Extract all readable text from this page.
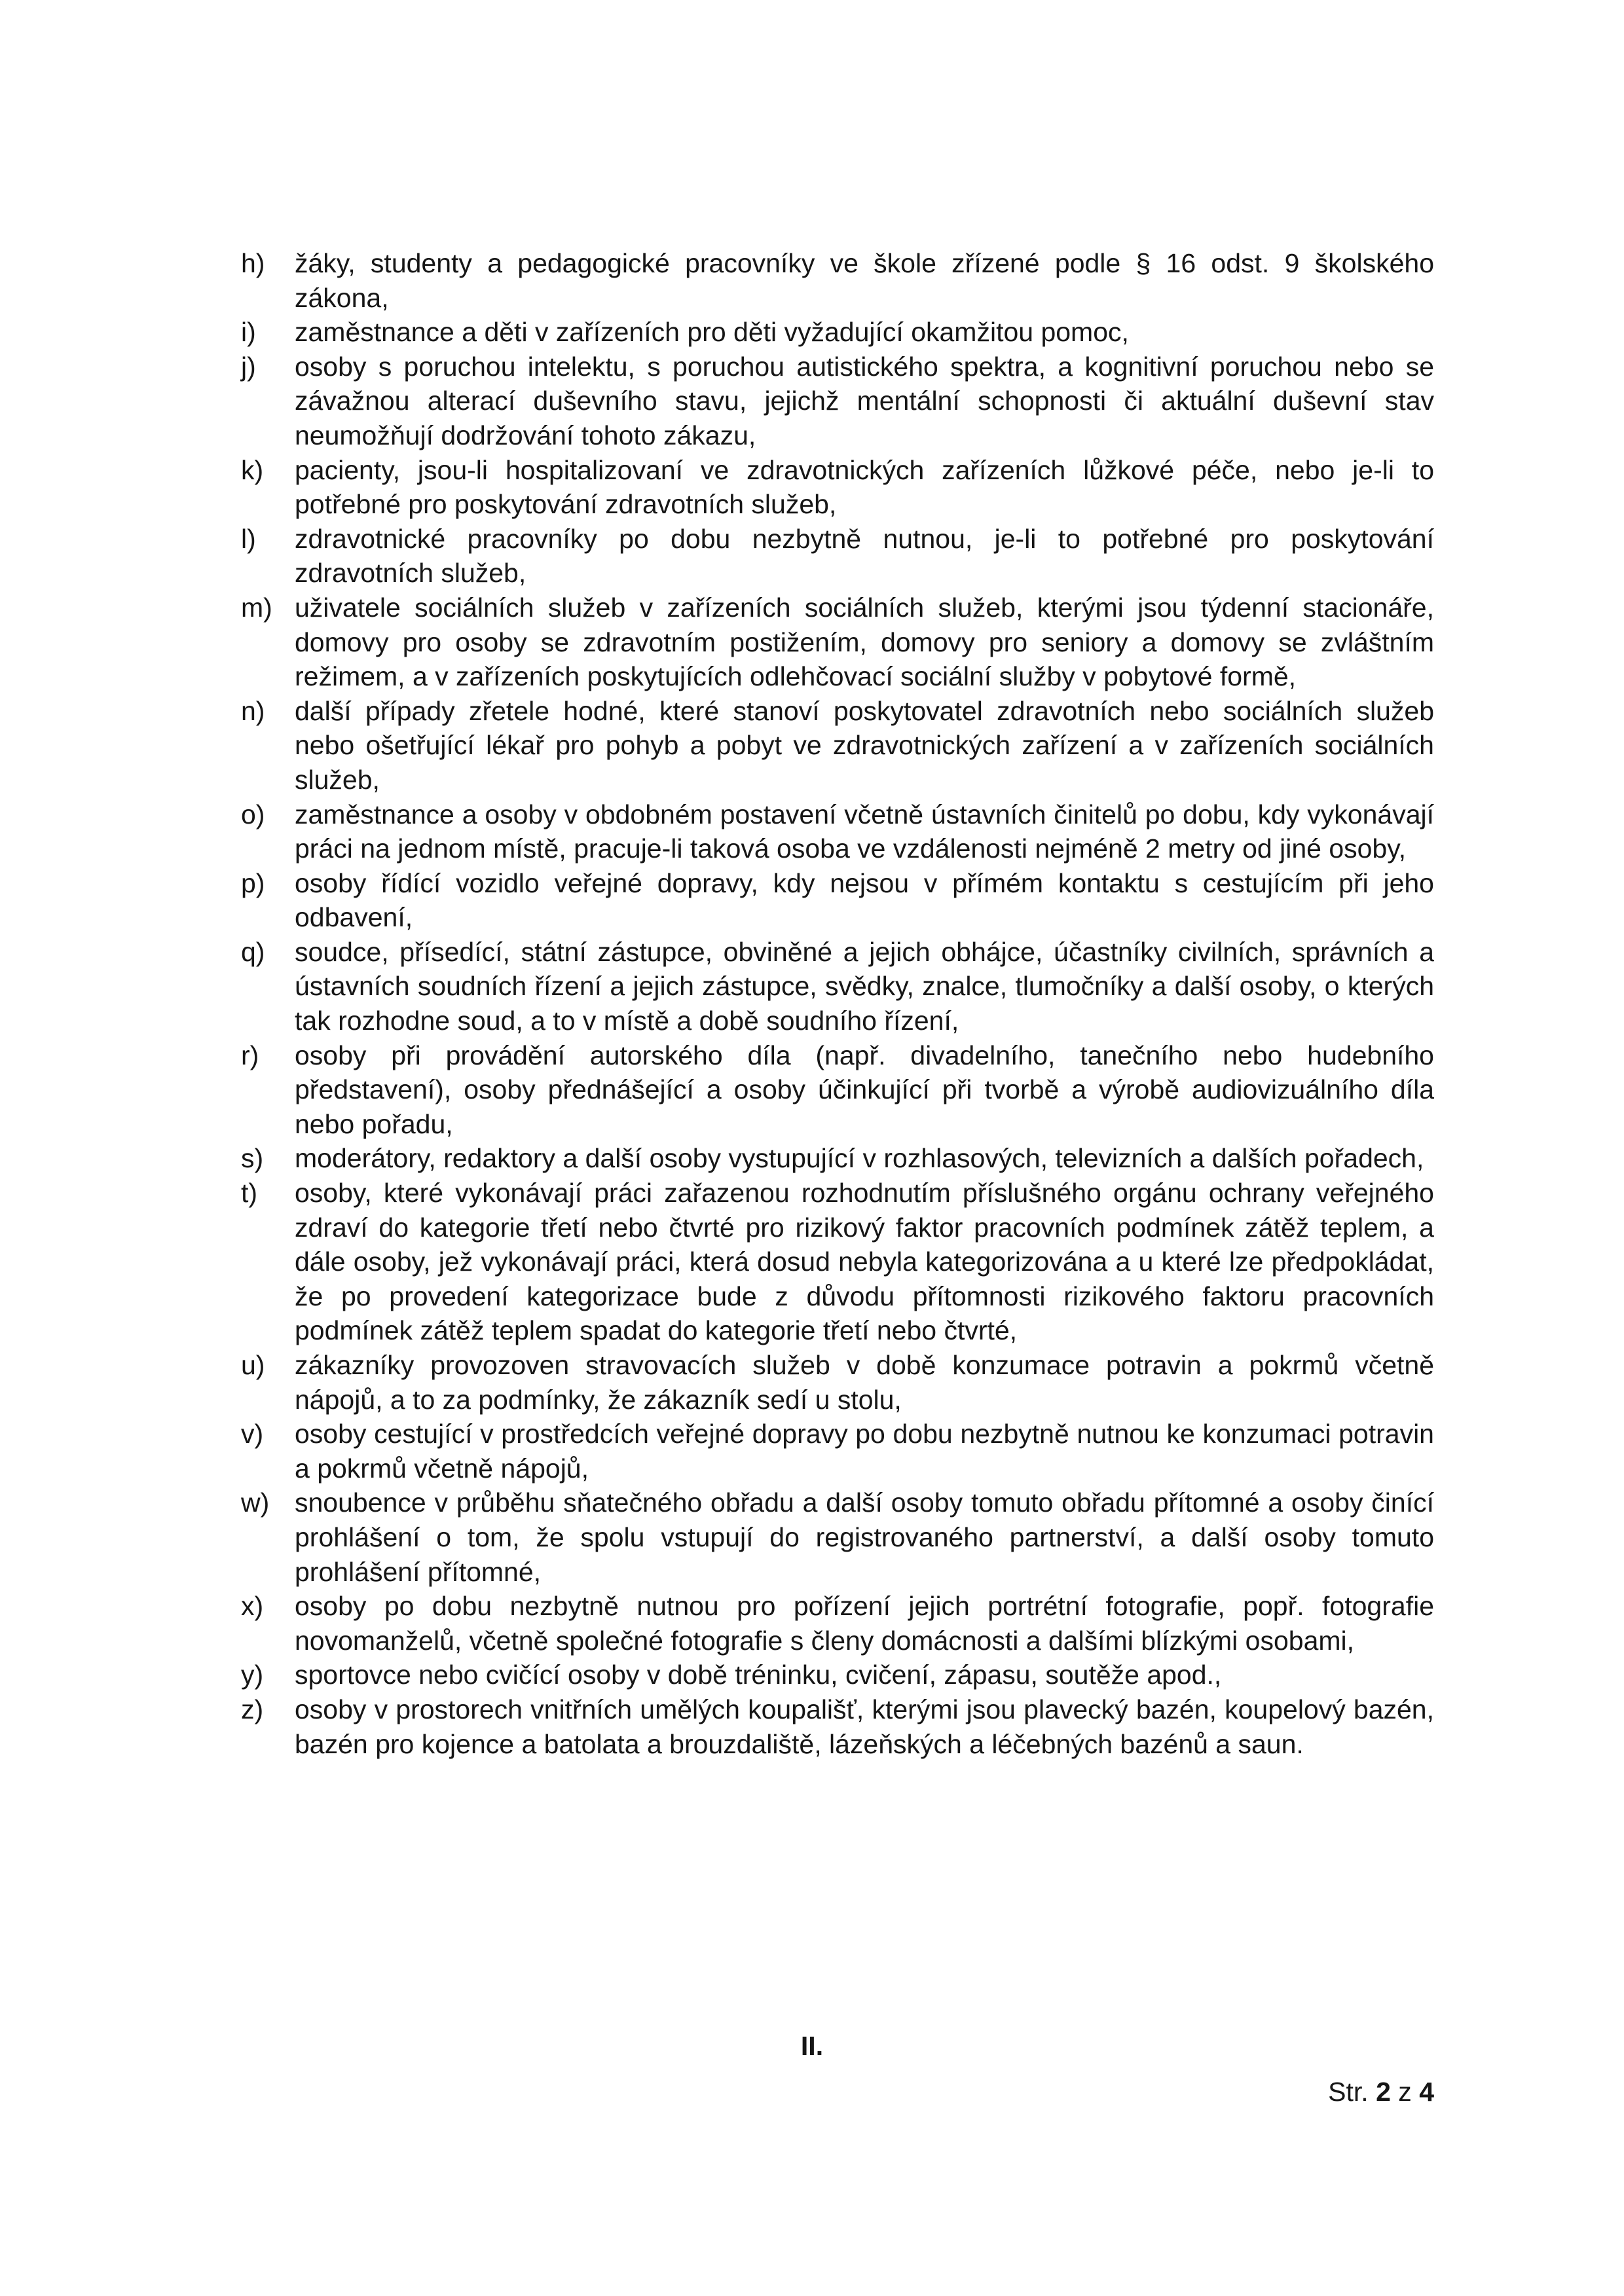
h) žáky, studenty a pedagogické pracovníky ve škole zřízené podle § 16 odst. 9 školského zákona,
i) zaměstnance a děti v zařízeních pro děti vyžadující okamžitou pomoc,
j) osoby s poruchou intelektu, s poruchou autistického spektra, a kognitivní poruchou nebo se závažnou alterací duševního stavu, jejichž mentální schopnosti či aktuální duševní stav neumožňují dodržování tohoto zákazu,
k) pacienty, jsou-li hospitalizovaní ve zdravotnických zařízeních lůžkové péče, nebo je-li to potřebné pro poskytování zdravotních služeb,
l) zdravotnické pracovníky po dobu nezbytně nutnou, je-li to potřebné pro poskytování zdravotních služeb,
m) uživatele sociálních služeb v zařízeních sociálních služeb, kterými jsou týdenní stacionáře, domovy pro osoby se zdravotním postižením, domovy pro seniory a domovy se zvláštním režimem, a v zařízeních poskytujících odlehčovací sociální služby v pobytové formě,
n) další případy zřetele hodné, které stanoví poskytovatel zdravotních nebo sociálních služeb nebo ošetřující lékař pro pohyb a pobyt ve zdravotnických zařízení a v zařízeních sociálních služeb,
o) zaměstnance a osoby v obdobném postavení včetně ústavních činitelů po dobu, kdy vykonávají práci na jednom místě, pracuje-li taková osoba ve vzdálenosti nejméně 2 metry od jiné osoby,
p) osoby řídící vozidlo veřejné dopravy, kdy nejsou v přímém kontaktu s cestujícím při jeho odbavení,
q) soudce, přísedící, státní zástupce, obviněné a jejich obhájce, účastníky civilních, správních a ústavních soudních řízení a jejich zástupce, svědky, znalce, tlumočníky a další osoby, o kterých tak rozhodne soud, a to v místě a době soudního řízení,
r) osoby při provádění autorského díla (např. divadelního, tanečního nebo hudebního představení), osoby přednášející a osoby účinkující při tvorbě a výrobě audiovizuálního díla nebo pořadu,
s) moderátory, redaktory a další osoby vystupující v rozhlasových, televizních a dalších pořadech,
t) osoby, které vykonávají práci zařazenou rozhodnutím příslušného orgánu ochrany veřejného zdraví do kategorie třetí nebo čtvrté pro rizikový faktor pracovních podmínek zátěž teplem, a dále osoby, jež vykonávají práci, která dosud nebyla kategorizována a u které lze předpokládat, že po provedení kategorizace bude z důvodu přítomnosti rizikového faktoru pracovních podmínek zátěž teplem spadat do kategorie třetí nebo čtvrté,
u) zákazníky provozoven stravovacích služeb v době konzumace potravin a pokrmů včetně nápojů, a to za podmínky, že zákazník sedí u stolu,
v) osoby cestující v prostředcích veřejné dopravy po dobu nezbytně nutnou ke konzumaci potravin a pokrmů včetně nápojů,
w) snoubence v průběhu sňatečného obřadu a další osoby tomuto obřadu přítomné a osoby činící prohlášení o tom, že spolu vstupují do registrovaného partnerství, a další osoby tomuto prohlášení přítomné,
x) osoby po dobu nezbytně nutnou pro pořízení jejich portrétní fotografie, popř. fotografie novomanželů, včetně společné fotografie s členy domácnosti a dalšími blízkými osobami,
y) sportovce nebo cvičící osoby v době tréninku, cvičení, zápasu, soutěže apod.,
z) osoby v prostorech vnitřních umělých koupališť, kterými jsou plavecký bazén, koupelový bazén, bazén pro kojence a batolata a brouzdaliště, lázeňských a léčebných bazénů a saun.
II.
Str. 2 z 4
